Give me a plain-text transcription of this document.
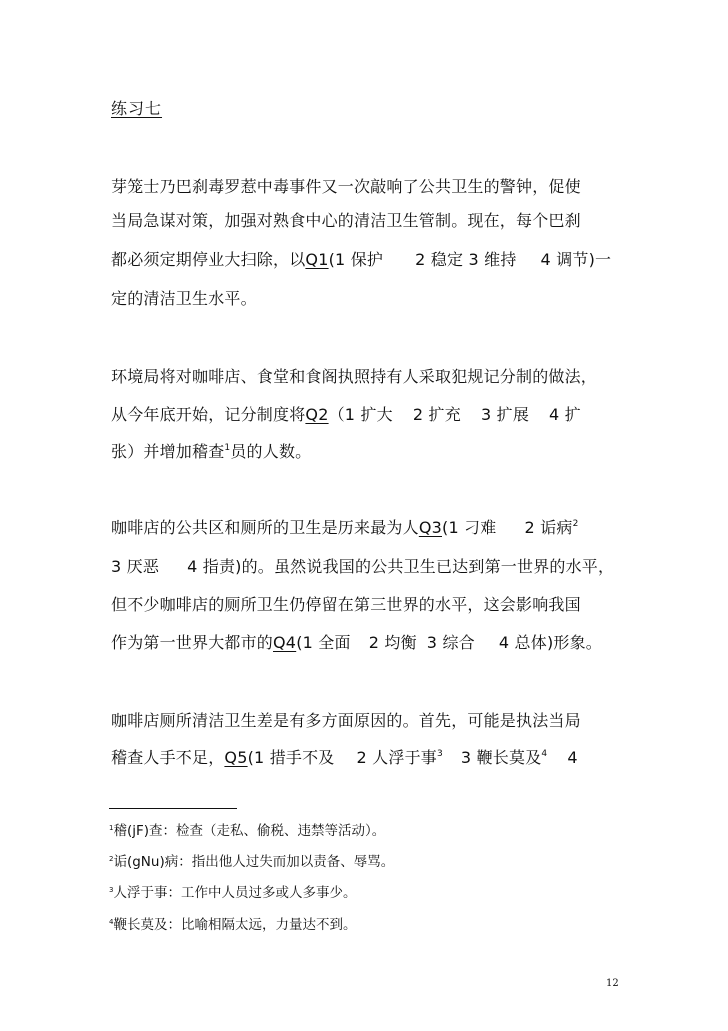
练习七
芽笼士乃巴刹毒罗惹中毒事件又一次敲响了公共卫生的警钟，促使
当局急谋对策，加强对熟食中心的清洁卫生管制。现在，每个巴刹
都必须定期停业大扫除，以Q1(1 保护 2 稳定 3 维持 4 调节)一
定的清洁卫生水平。
环境局将对咖啡店、食堂和食阁执照持有人采取犯规记分制的做法，
从今年底开始，记分制度将Q2（1 扩大 2 扩充 3 扩展 4 扩
张）并增加稽查$^1$员的人数。
咖啡店的公共区和厕所的卫生是历来最为人Q3(1 刁难 2 诟病$^2$
3 厌恶 4 指责)的。虽然说我国的公共卫生已达到第一世界的水平，
但不少咖啡店的厕所卫生仍停留在第三世界的水平，这会影响我国
作为第一世界大都市的Q4(1 全面 2 均衡 3 综合 4 总体)形象。
咖啡店厕所清洁卫生差是有多方面原因的。首先，可能是执法当局
稽查人手不足，Q5(1 措手不及 2 人浮于事$^3$ 3 鞭长莫及$^4$ 4
$^1$稽(jF)查：检查（走私、偷税、违禁等活动）。
$^2$诟(gNu)病：指出他人过失而加以责备、辱骂。
$^3$人浮于事：工作中人员过多或人多事少。
$^4$鞭长莫及：比喻相隔太远，力量达不到。
12
